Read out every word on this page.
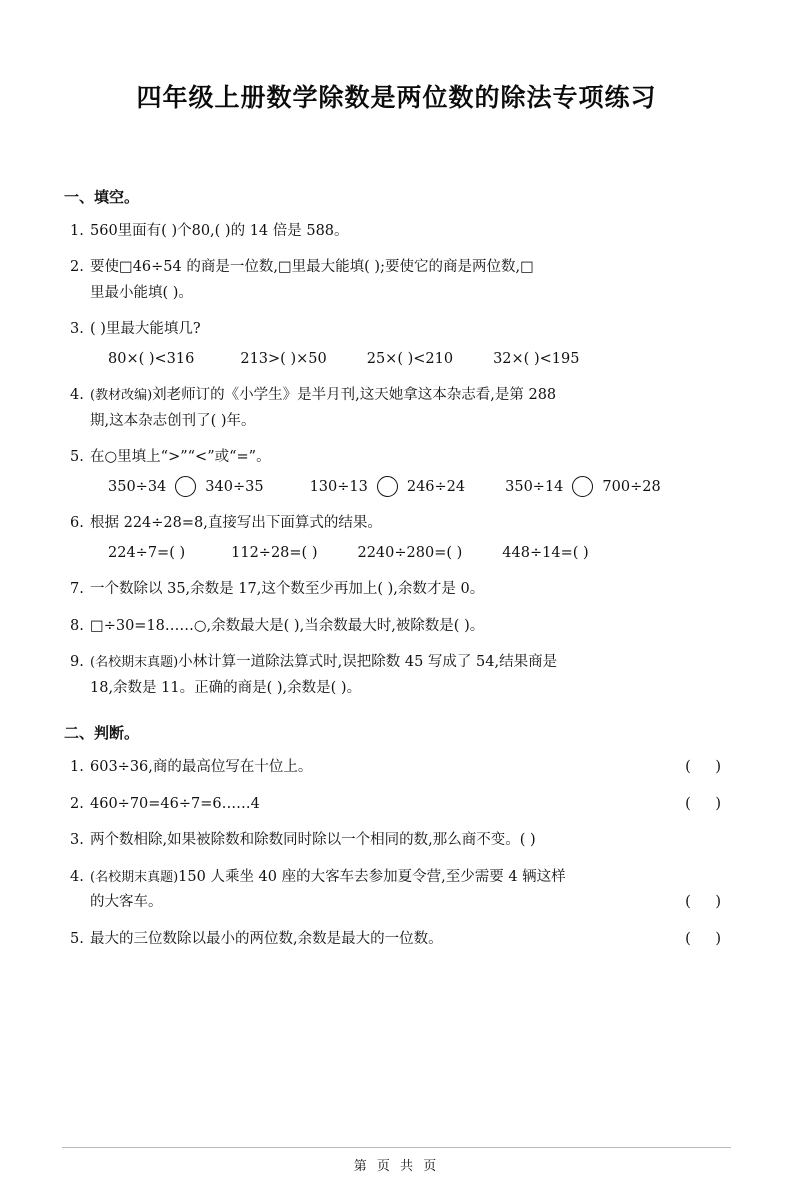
四年级上册数学除数是两位数的除法专项练习
一、填空。
1. 560里面有( )个80,( )的 14 倍是 588。
2. 要使□46÷54 的商是一位数,□里最大能填( );要使它的商是两位数,□
里最小能填( )。
3. ( )里最大能填几?
80×( )<316	213>( )×50	25×( )<210	32×( )<195
4. (教材改编)刘老师订的《小学生》是半月刊,这天她拿这本杂志看,是第 288
期,这本杂志创刊了( )年。
5. 在○里填上“>”“<”或“=”。
350÷34	340÷35	130÷13	246÷24	350÷14	700÷28
6. 根据 224÷28=8,直接写出下面算式的结果。
224÷7=( )	112÷28=( )	2240÷280=( )	448÷14=( )
7. 一个数除以 35,余数是 17,这个数至少再加上( ),余数才是 0。
8. □÷30=18……○,余数最大是( ),当余数最大时,被除数是( )。
9. (名校期末真题)小林计算一道除法算式时,误把除数 45 写成了 54,结果商是
18,余数是 11。正确的商是( ),余数是( )。
二、判断。
1. 603÷36,商的最高位写在十位上。	( )
2. 460÷70=46÷7=6……4	( )
3. 两个数相除,如果被除数和除数同时除以一个相同的数,那么商不变。( )
4. (名校期末真题)150 人乘坐 40 座的大客车去参加夏令营,至少需要 4 辆这样
的大客车。	( )
5. 最大的三位数除以最小的两位数,余数是最大的一位数。	( )
第 页 共 页
